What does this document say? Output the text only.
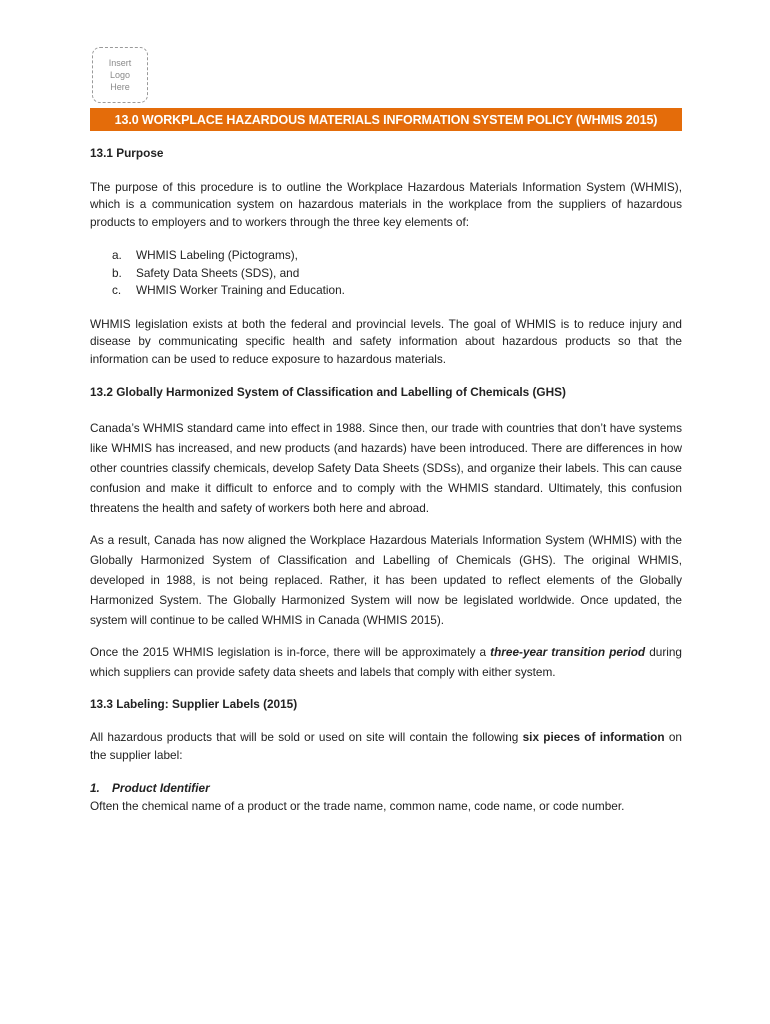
Insert
Logo
Here
13.0 WORKPLACE HAZARDOUS MATERIALS INFORMATION SYSTEM POLICY (WHMIS 2015)

13.1 Purpose

The purpose of this procedure is to outline the Workplace Hazardous Materials Information System (WHMIS), which is a communication system on hazardous materials in the workplace from the suppliers of hazardous products to employers and to workers through the three key elements of:

a.	WHMIS Labeling (Pictograms),
b.	Safety Data Sheets (SDS), and
c.	WHMIS Worker Training and Education.

WHMIS legislation exists at both the federal and provincial levels. The goal of WHMIS is to reduce injury and disease by communicating specific health and safety information about hazardous products so that the information can be used to reduce exposure to hazardous materials.

13.2 Globally Harmonized System of Classification and Labelling of Chemicals (GHS)

Canada’s WHMIS standard came into effect in 1988. Since then, our trade with countries that don’t have systems like WHMIS has increased, and new products (and hazards) have been introduced. There are differences in how other countries classify chemicals, develop Safety Data Sheets (SDSs), and organize their labels. This can cause confusion and make it difficult to enforce and to comply with the WHMIS standard. Ultimately, this confusion threatens the health and safety of workers both here and abroad.

As a result, Canada has now aligned the Workplace Hazardous Materials Information System (WHMIS) with the Globally Harmonized System of Classification and Labelling of Chemicals (GHS). The original WHMIS, developed in 1988, is not being replaced. Rather, it has been updated to reflect elements of the Globally Harmonized System. The Globally Harmonized System will now be legislated worldwide. Once updated, the system will continue to be called WHMIS in Canada (WHMIS 2015).

Once the 2015 WHMIS legislation is in-force, there will be approximately a three-year transition period during which suppliers can provide safety data sheets and labels that comply with either system.

13.3 Labeling: Supplier Labels (2015)

All hazardous products that will be sold or used on site will contain the following six pieces of information on the supplier label:

1. Product Identifier

Often the chemical name of a product or the trade name, common name, code name, or code number.
